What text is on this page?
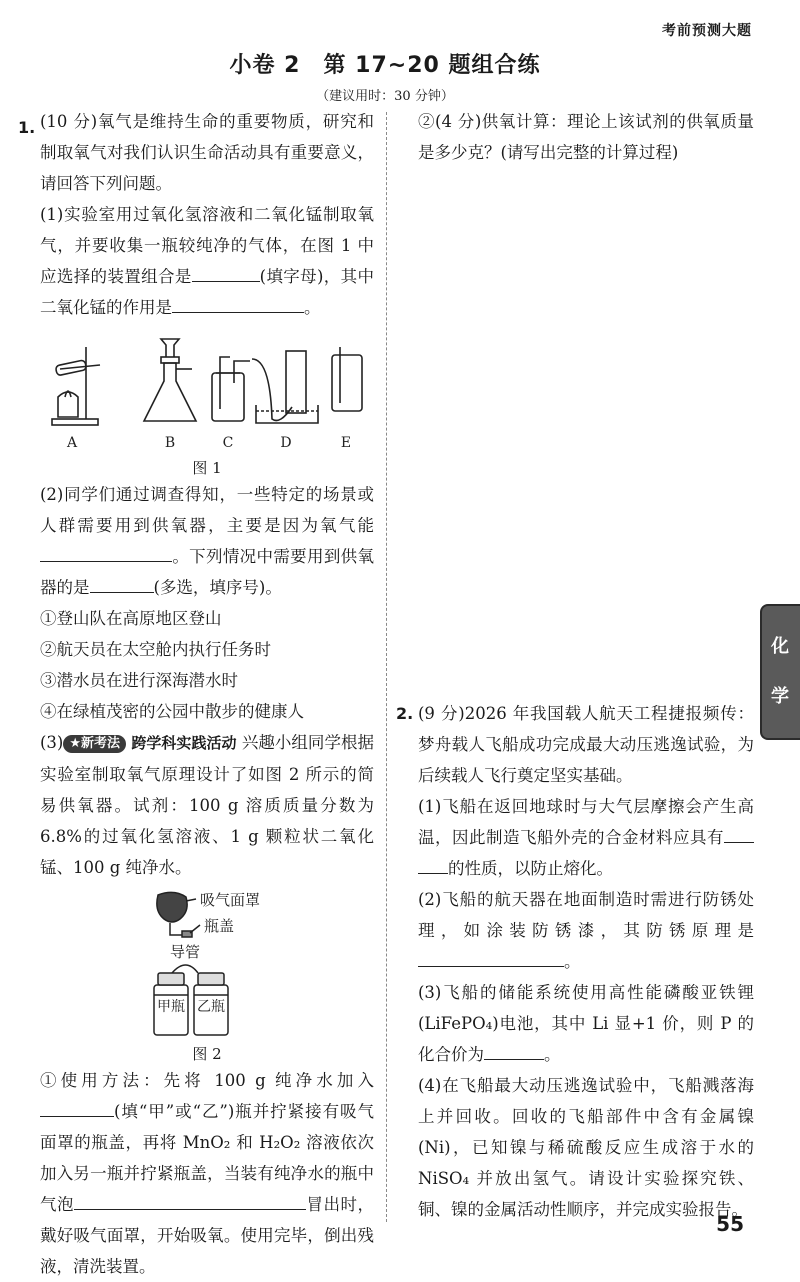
考前预测大题
小卷 2　第 17~20 题组合练
（建议用时：30 分钟）
1. (10 分)氧气是维持生命的重要物质，研究和制取氧气对我们认识生命活动具有重要意义，请回答下列问题。

(1)实验室用过氧化氢溶液和二氧化锰制取氧气，并要收集一瓶较纯净的气体，在图 1 中应选择的装置组合是	(填字母)，其中二氧化锰的作用是	。

A	B	C	D	E
图 1

(2)同学们通过调查得知，一些特定的场景或人群需要用到供氧器，主要是因为氧气能。下列情况中需要用到供氧器的是	(多选，填序号)。

①登山队在高原地区登山

②航天员在太空舱内执行任务时

③潜水员在进行深海潜水时

④在绿植茂密的公园中散步的健康人

(3) ★新考法 跨学科实践活动 兴趣小组同学根据实验室制取氧气原理设计了如图 2 所示的简易供氧器。试剂：100 g 溶质质量分数为 6.8%的过氧化氢溶液、1 g 颗粒状二氧化锰、100 g 纯净水。

吸气面罩
瓶盖
导管
甲瓶 乙瓶
图 2

①使用方法：先将 100 g 纯净水加入(填“甲”或“乙”)瓶并拧紧接有吸气面罩的瓶盖，再将 MnO₂ 和 H₂O₂ 溶液依次加入另一瓶并拧紧瓶盖，当装有纯净水的瓶中气泡	冒出时，戴好吸气面罩，开始吸氧。使用完毕，倒出残液，清洗装置。

②(4 分)供氧计算：理论上该试剂的供氧质量是多少克？(请写出完整的计算过程)

2. (9 分)2026 年我国载人航天工程捷报频传：梦舟载人飞船成功完成最大动压逃逸试验，为后续载人飞行奠定坚实基础。

(1)飞船在返回地球时与大气层摩擦会产生高温，因此制造飞船外壳的合金材料应具有的性质，以防止熔化。

(2)飞船的航天器在地面制造时需进行防锈处理，如涂装防锈漆，其防锈原理是。

(3)飞船的储能系统使用高性能磷酸亚铁锂(LiFePO₄)电池，其中 Li 显+1 价，则 P 的化合价为	。

(4)在飞船最大动压逃逸试验中，飞船溅落海上并回收。回收的飞船部件中含有金属镍(Ni)，已知镍与稀硫酸反应生成溶于水的 NiSO₄ 并放出氢气。请设计实验探究铁、铜、镍的金属活动性顺序，并完成实验报告。

化
学
55
